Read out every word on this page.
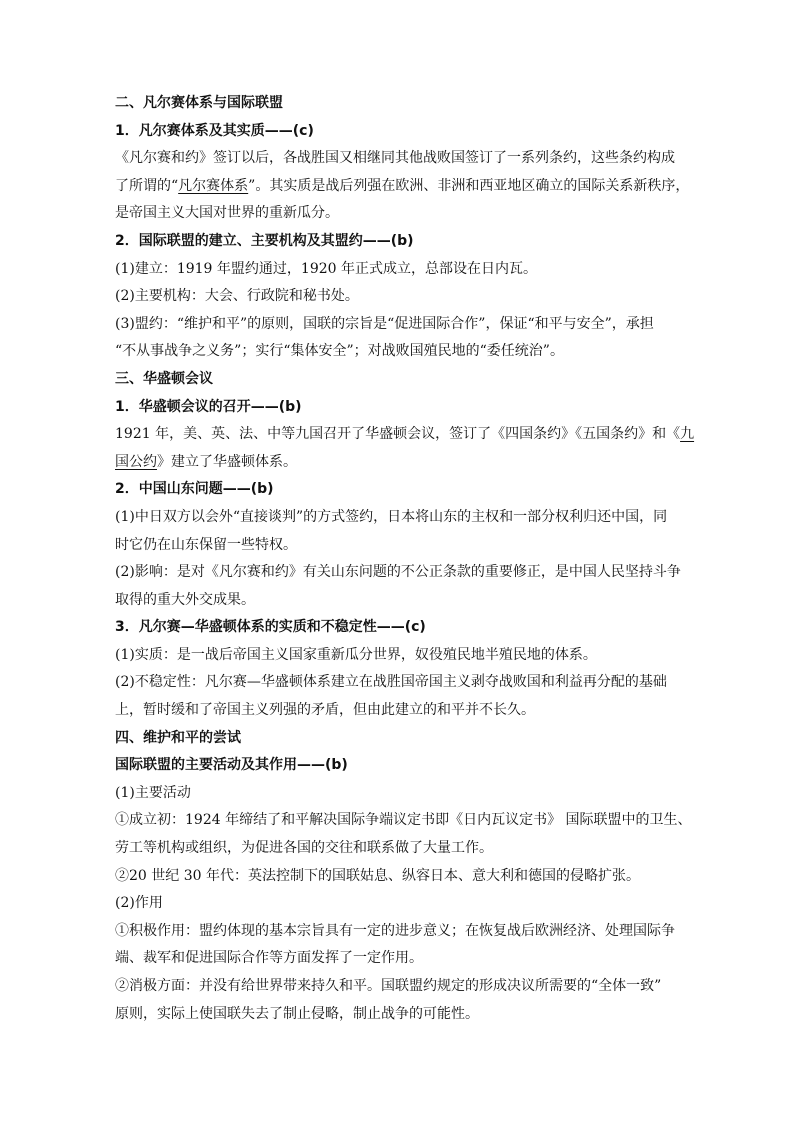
二、凡尔赛体系与国际联盟
1．凡尔赛体系及其实质——(c)
《凡尔赛和约》签订以后，各战胜国又相继同其他战败国签订了一系列条约，这些条约构成
了所谓的“凡尔赛体系”。其实质是战后列强在欧洲、非洲和西亚地区确立的国际关系新秩序，
是帝国主义大国对世界的重新瓜分。
2．国际联盟的建立、主要机构及其盟约——(b)
(1)建立：1919 年盟约通过，1920 年正式成立，总部设在日内瓦。
(2)主要机构：大会、行政院和秘书处。
(3)盟约：“维护和平”的原则，国联的宗旨是“促进国际合作”，保证“和平与安全”，承担
“不从事战争之义务”；实行“集体安全”；对战败国殖民地的“委任统治”。
三、华盛顿会议
1．华盛顿会议的召开——(b)
1921 年，美、英、法、中等九国召开了华盛顿会议，签订了《四国条约》《五国条约》和《九
国公约》建立了华盛顿体系。
2．中国山东问题——(b)
(1)中日双方以会外“直接谈判”的方式签约，日本将山东的主权和一部分权利归还中国，同
时它仍在山东保留一些特权。
(2)影响：是对《凡尔赛和约》有关山东问题的不公正条款的重要修正，是中国人民坚持斗争
取得的重大外交成果。
3．凡尔赛—华盛顿体系的实质和不稳定性——(c)
(1)实质：是一战后帝国主义国家重新瓜分世界，奴役殖民地半殖民地的体系。
(2)不稳定性：凡尔赛—华盛顿体系建立在战胜国帝国主义剥夺战败国和利益再分配的基础
上，暂时缓和了帝国主义列强的矛盾，但由此建立的和平并不长久。
四、维护和平的尝试
国际联盟的主要活动及其作用——(b)
(1)主要活动
①成立初：1924 年缔结了和平解决国际争端议定书即《日内瓦议定书》 国际联盟中的卫生、
劳工等机构或组织，为促进各国的交往和联系做了大量工作。
②20 世纪 30 年代：英法控制下的国联姑息、纵容日本、意大利和德国的侵略扩张。
(2)作用
①积极作用：盟约体现的基本宗旨具有一定的进步意义；在恢复战后欧洲经济、处理国际争
端、裁军和促进国际合作等方面发挥了一定作用。
②消极方面：并没有给世界带来持久和平。国联盟约规定的形成决议所需要的“全体一致”
原则，实际上使国联失去了制止侵略，制止战争的可能性。
